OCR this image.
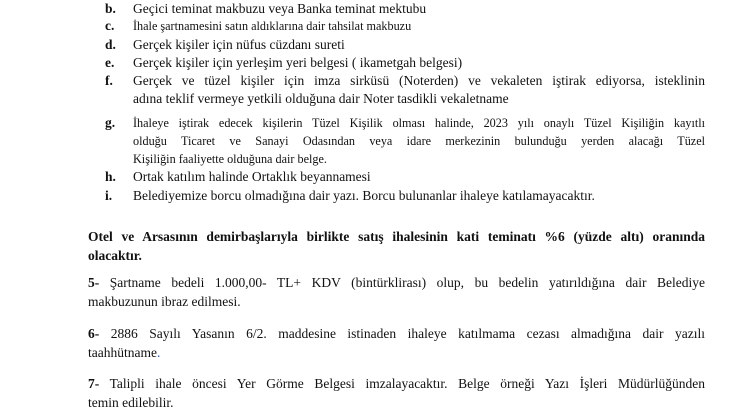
b. Geçici teminat makbuzu veya Banka teminat mektubu
c. İhale şartnamesini satın aldıklarına dair tahsilat makbuzu
d. Gerçek kişiler için nüfus cüzdanı sureti
e. Gerçek kişiler için yerleşim yeri belgesi ( ikametgah belgesi)
f. Gerçek ve tüzel kişiler için imza sirküsü (Noterden) ve vekaleten iştirak ediyorsa, isteklinin
adına teklif vermeye yetkili olduğuna dair Noter tasdikli vekaletname
g. İhaleye iştirak edecek kişilerin Tüzel Kişilik olması halinde, 2023 yılı onaylı Tüzel Kişiliğin kayıtlı
olduğu Ticaret ve Sanayi Odasından veya idare merkezinin bulunduğu yerden alacağı Tüzel
Kişiliğin faaliyette olduğuna dair belge.
h. Ortak katılım halinde Ortaklık beyannamesi
i. Belediyemize borcu olmadığına dair yazı. Borcu bulunanlar ihaleye katılamayacaktır.
Otel ve Arsasının demirbaşlarıyla birlikte satış ihalesinin kati teminatı %6 (yüzde altı) oranında
olacaktır.
5- Şartname bedeli 1.000,00- TL+ KDV (bintürklirası) olup, bu bedelin yatırıldığına dair Belediye
makbuzunun ibraz edilmesi.
6- 2886 Sayılı Yasanın 6/2. maddesine istinaden ihaleye katılmama cezası almadığına dair yazılı
taahhütname.
7- Talipli ihale öncesi Yer Görme Belgesi imzalayacaktır. Belge örneği Yazı İşleri Müdürlüğünden
temin edilebilir.
